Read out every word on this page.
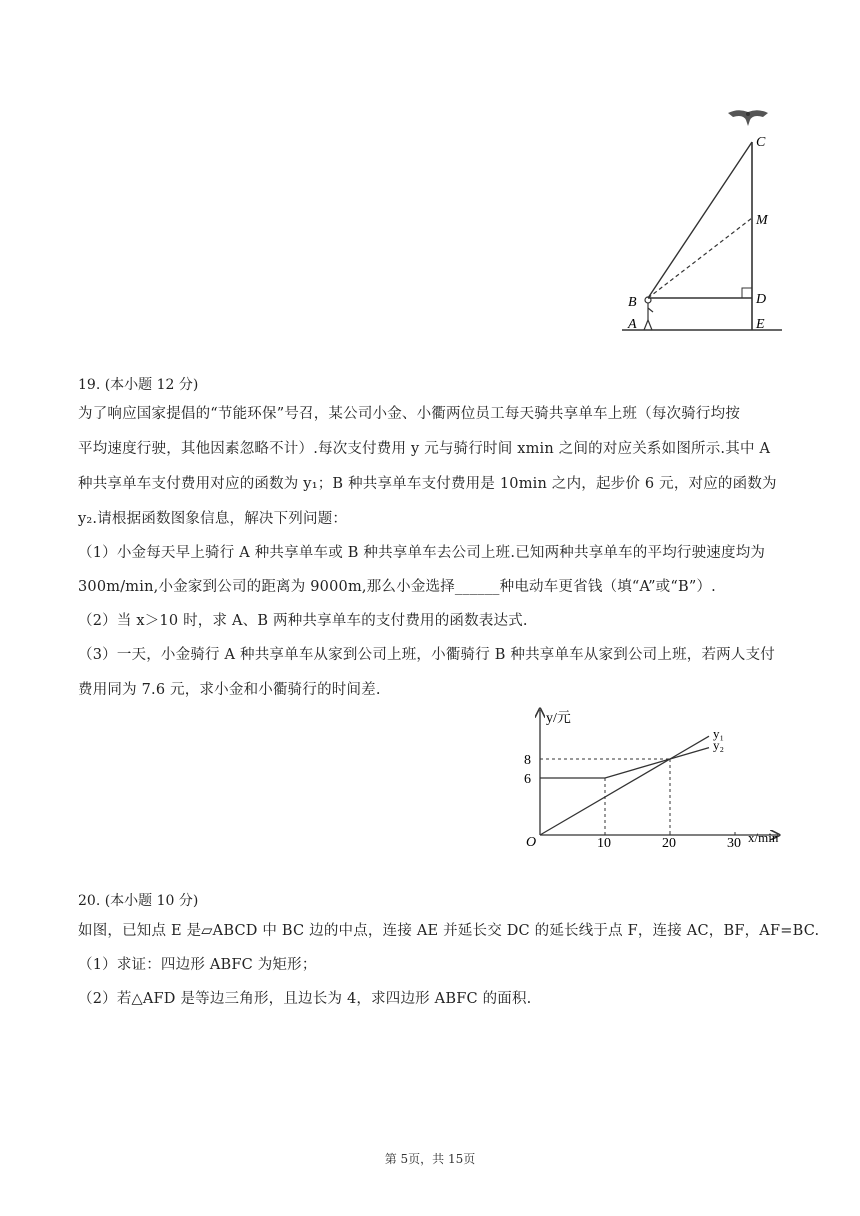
C
M
B	D
A	E
19. (本小题 12 分)
为了响应国家提倡的“节能环保”号召，某公司小金、小衢两位员工每天骑共享单车上班（每次骑行均按
平均速度行驶，其他因素忽略不计）.每次支付费用 y 元与骑行时间 xmin 之间的对应关系如图所示.其中 A
种共享单车支付费用对应的函数为 y₁；B 种共享单车支付费用是 10min 之内，起步价 6 元，对应的函数为
y₂.请根据函数图象信息，解决下列问题：
（1）小金每天早上骑行 A 种共享单车或 B 种共享单车去公司上班.已知两种共享单车的平均行驶速度均为
300m/min,小金家到公司的距离为 9000m,那么小金选择______种电动车更省钱（填“A”或“B”）.
（2）当 x＞10 时，求 A、B 两种共享单车的支付费用的函数表达式.
（3）一天，小金骑行 A 种共享单车从家到公司上班，小衢骑行 B 种共享单车从家到公司上班，若两人支付
费用同为 7.6 元，求小金和小衢骑行的时间差.
y₁
y₂
10	20	30
6
8
y/元
x/min
O
20. (本小题 10 分)
如图，已知点 E 是▱ABCD 中 BC 边的中点，连接 AE 并延长交 DC 的延长线于点 F，连接 AC，BF，AF=BC.
（1）求证：四边形 ABFC 为矩形；
（2）若△AFD 是等边三角形，且边长为 4，求四边形 ABFC 的面积.
第 5页，共 15页
